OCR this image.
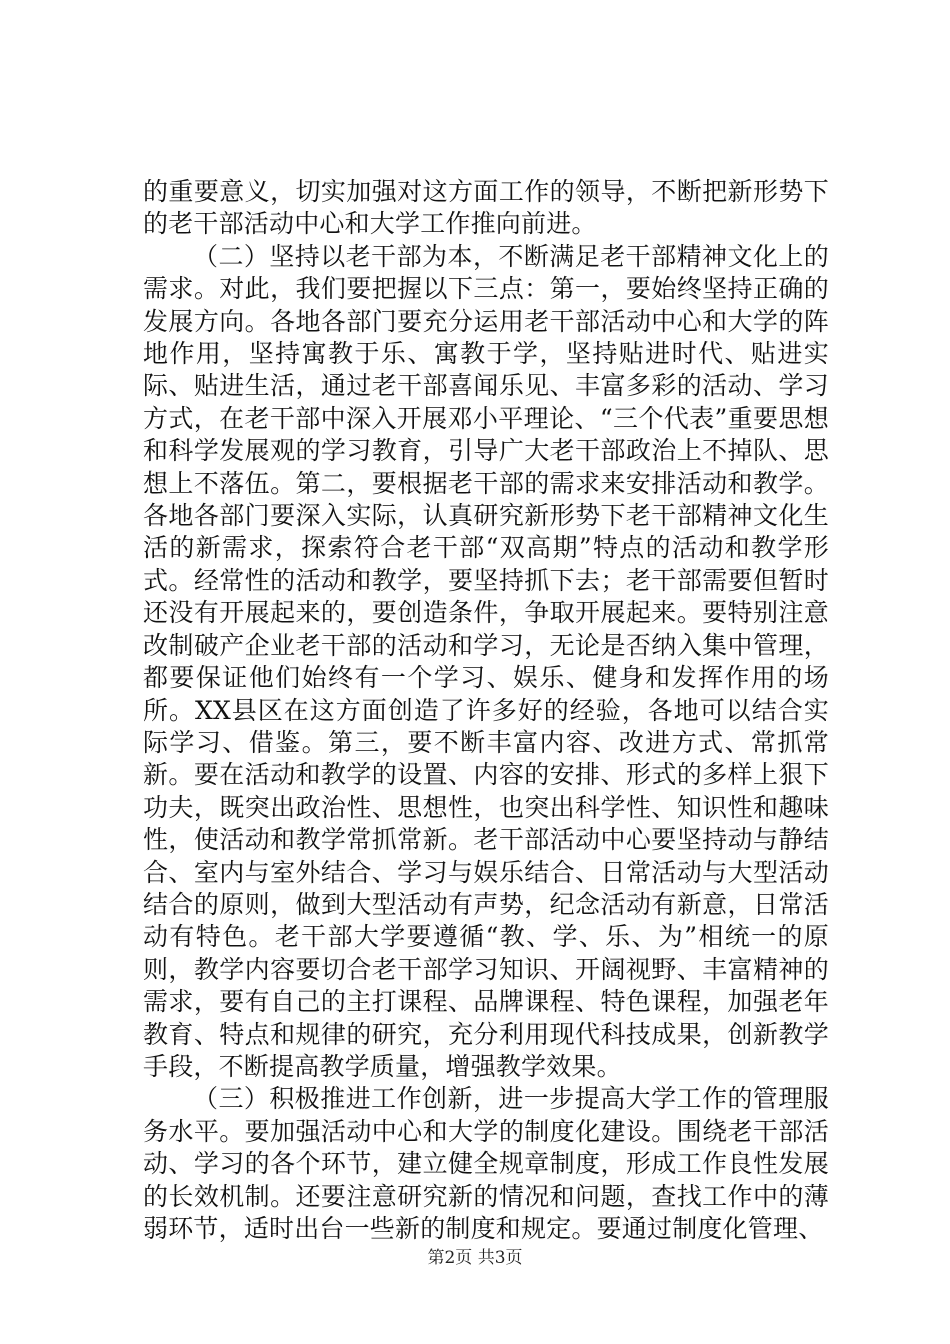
的重要意义，切实加强对这方面工作的领导，不断把新形势下的老干部活动中心和大学工作推向前进。

（二）坚持以老干部为本，不断满足老干部精神文化上的需求。对此，我们要把握以下三点：第一，要始终坚持正确的发展方向。各地各部门要充分运用老干部活动中心和大学的阵地作用，坚持寓教于乐、寓教于学，坚持贴进时代、贴进实际、贴进生活，通过老干部喜闻乐见、丰富多彩的活动、学习方式，在老干部中深入开展邓小平理论、“三个代表”重要思想和科学发展观的学习教育，引导广大老干部政治上不掉队、思想上不落伍。第二，要根据老干部的需求来安排活动和教学。各地各部门要深入实际，认真研究新形势下老干部精神文化生活的新需求，探索符合老干部“双高期”特点的活动和教学形式。经常性的活动和教学，要坚持抓下去；老干部需要但暂时还没有开展起来的，要创造条件，争取开展起来。要特别注意改制破产企业老干部的活动和学习，无论是否纳入集中管理，都要保证他们始终有一个学习、娱乐、健身和发挥作用的场所。XX县区在这方面创造了许多好的经验，各地可以结合实际学习、借鉴。第三，要不断丰富内容、改进方式、常抓常新。要在活动和教学的设置、内容的安排、形式的多样上狠下功夫，既突出政治性、思想性，也突出科学性、知识性和趣味性，使活动和教学常抓常新。老干部活动中心要坚持动与静结合、室内与室外结合、学习与娱乐结合、日常活动与大型活动结合的原则，做到大型活动有声势，纪念活动有新意，日常活动有特色。老干部大学要遵循“教、学、乐、为”相统一的原则，教学内容要切合老干部学习知识、开阔视野、丰富精神的需求，要有自己的主打课程、品牌课程、特色课程，加强老年教育、特点和规律的研究，充分利用现代科技成果，创新教学手段，不断提高教学质量，增强教学效果。

（三）积极推进工作创新，进一步提高大学工作的管理服务水平。要加强活动中心和大学的制度化建设。围绕老干部活动、学习的各个环节，建立健全规章制度，形成工作良性发展的长效机制。还要注意研究新的情况和问题，查找工作中的薄弱环节，适时出台一些新的制度和规定。要通过制度化管理、

第2页 共3页
